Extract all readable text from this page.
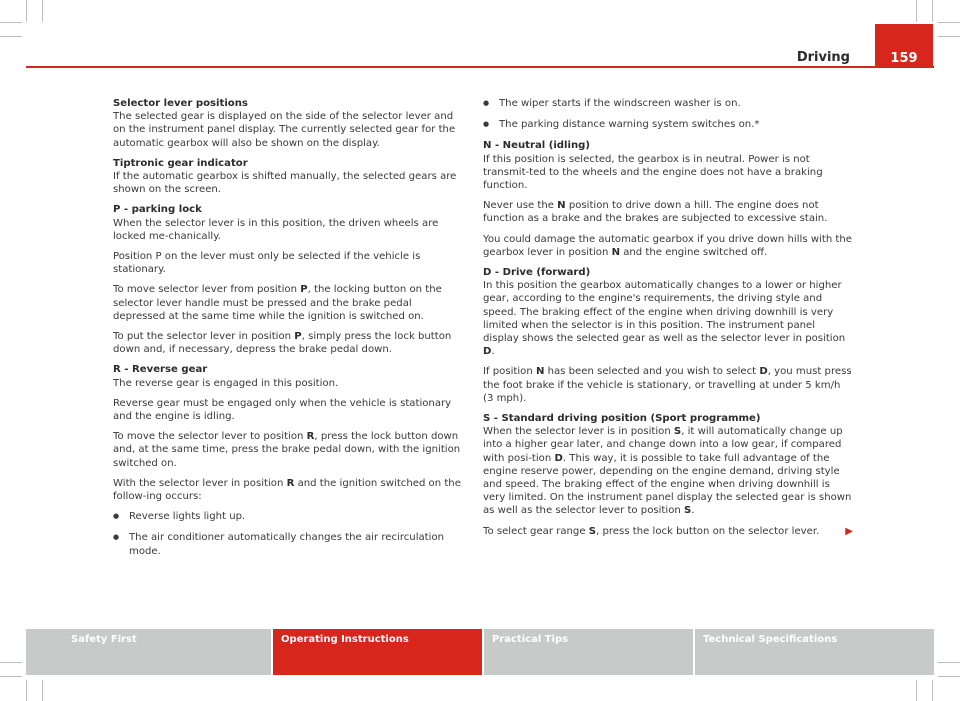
Driving	159
Selector lever positions

The selected gear is displayed on the side of the selector lever and on the instrument panel display. The currently selected gear for the automatic gearbox will also be shown on the display.

Tiptronic gear indicator

If the automatic gearbox is shifted manually, the selected gears are shown on the screen.

P - parking lock

When the selector lever is in this position, the driven wheels are locked me-chanically.

Position P on the lever must only be selected if the vehicle is stationary.

To move selector lever from position P, the locking button on the selector lever handle must be pressed and the brake pedal depressed at the same time while the ignition is switched on.

To put the selector lever in position P, simply press the lock button down and, if necessary, depress the brake pedal down.

R - Reverse gear

The reverse gear is engaged in this position.

Reverse gear must be engaged only when the vehicle is stationary and the engine is idling.

To move the selector lever to position R, press the lock button down and, at the same time, press the brake pedal down, with the ignition switched on.

With the selector lever in position R and the ignition switched on the follow-ing occurs:

● Reverse lights light up.

● The air conditioner automatically changes the air recirculation mode.

● The wiper starts if the windscreen washer is on.

● The parking distance warning system switches on.*

N - Neutral (idling)

If this position is selected, the gearbox is in neutral. Power is not transmit-ted to the wheels and the engine does not have a braking function.

Never use the N position to drive down a hill. The engine does not function as a brake and the brakes are subjected to excessive stain.

You could damage the automatic gearbox if you drive down hills with the gearbox lever in position N and the engine switched off.

D - Drive (forward)

In this position the gearbox automatically changes to a lower or higher gear, according to the engine's requirements, the driving style and speed. The braking effect of the engine when driving downhill is very limited when the selector is in this position. The instrument panel display shows the selected gear as well as the selector lever in position D.

If position N has been selected and you wish to select D, you must press the foot brake if the vehicle is stationary, or travelling at under 5 km/h (3 mph).

S - Standard driving position (Sport programme)

When the selector lever is in position S, it will automatically change up into a higher gear later, and change down into a low gear, if compared with posi-tion D. This way, it is possible to take full advantage of the engine reserve power, depending on the engine demand, driving style and speed. The braking effect of the engine when driving downhill is very limited. On the instrument panel display the selected gear is shown as well as the selector lever to position S.

To select gear range S, press the lock button on the selector lever.	▶

Safety First	Operating Instructions	Practical Tips	Technical Specifications
